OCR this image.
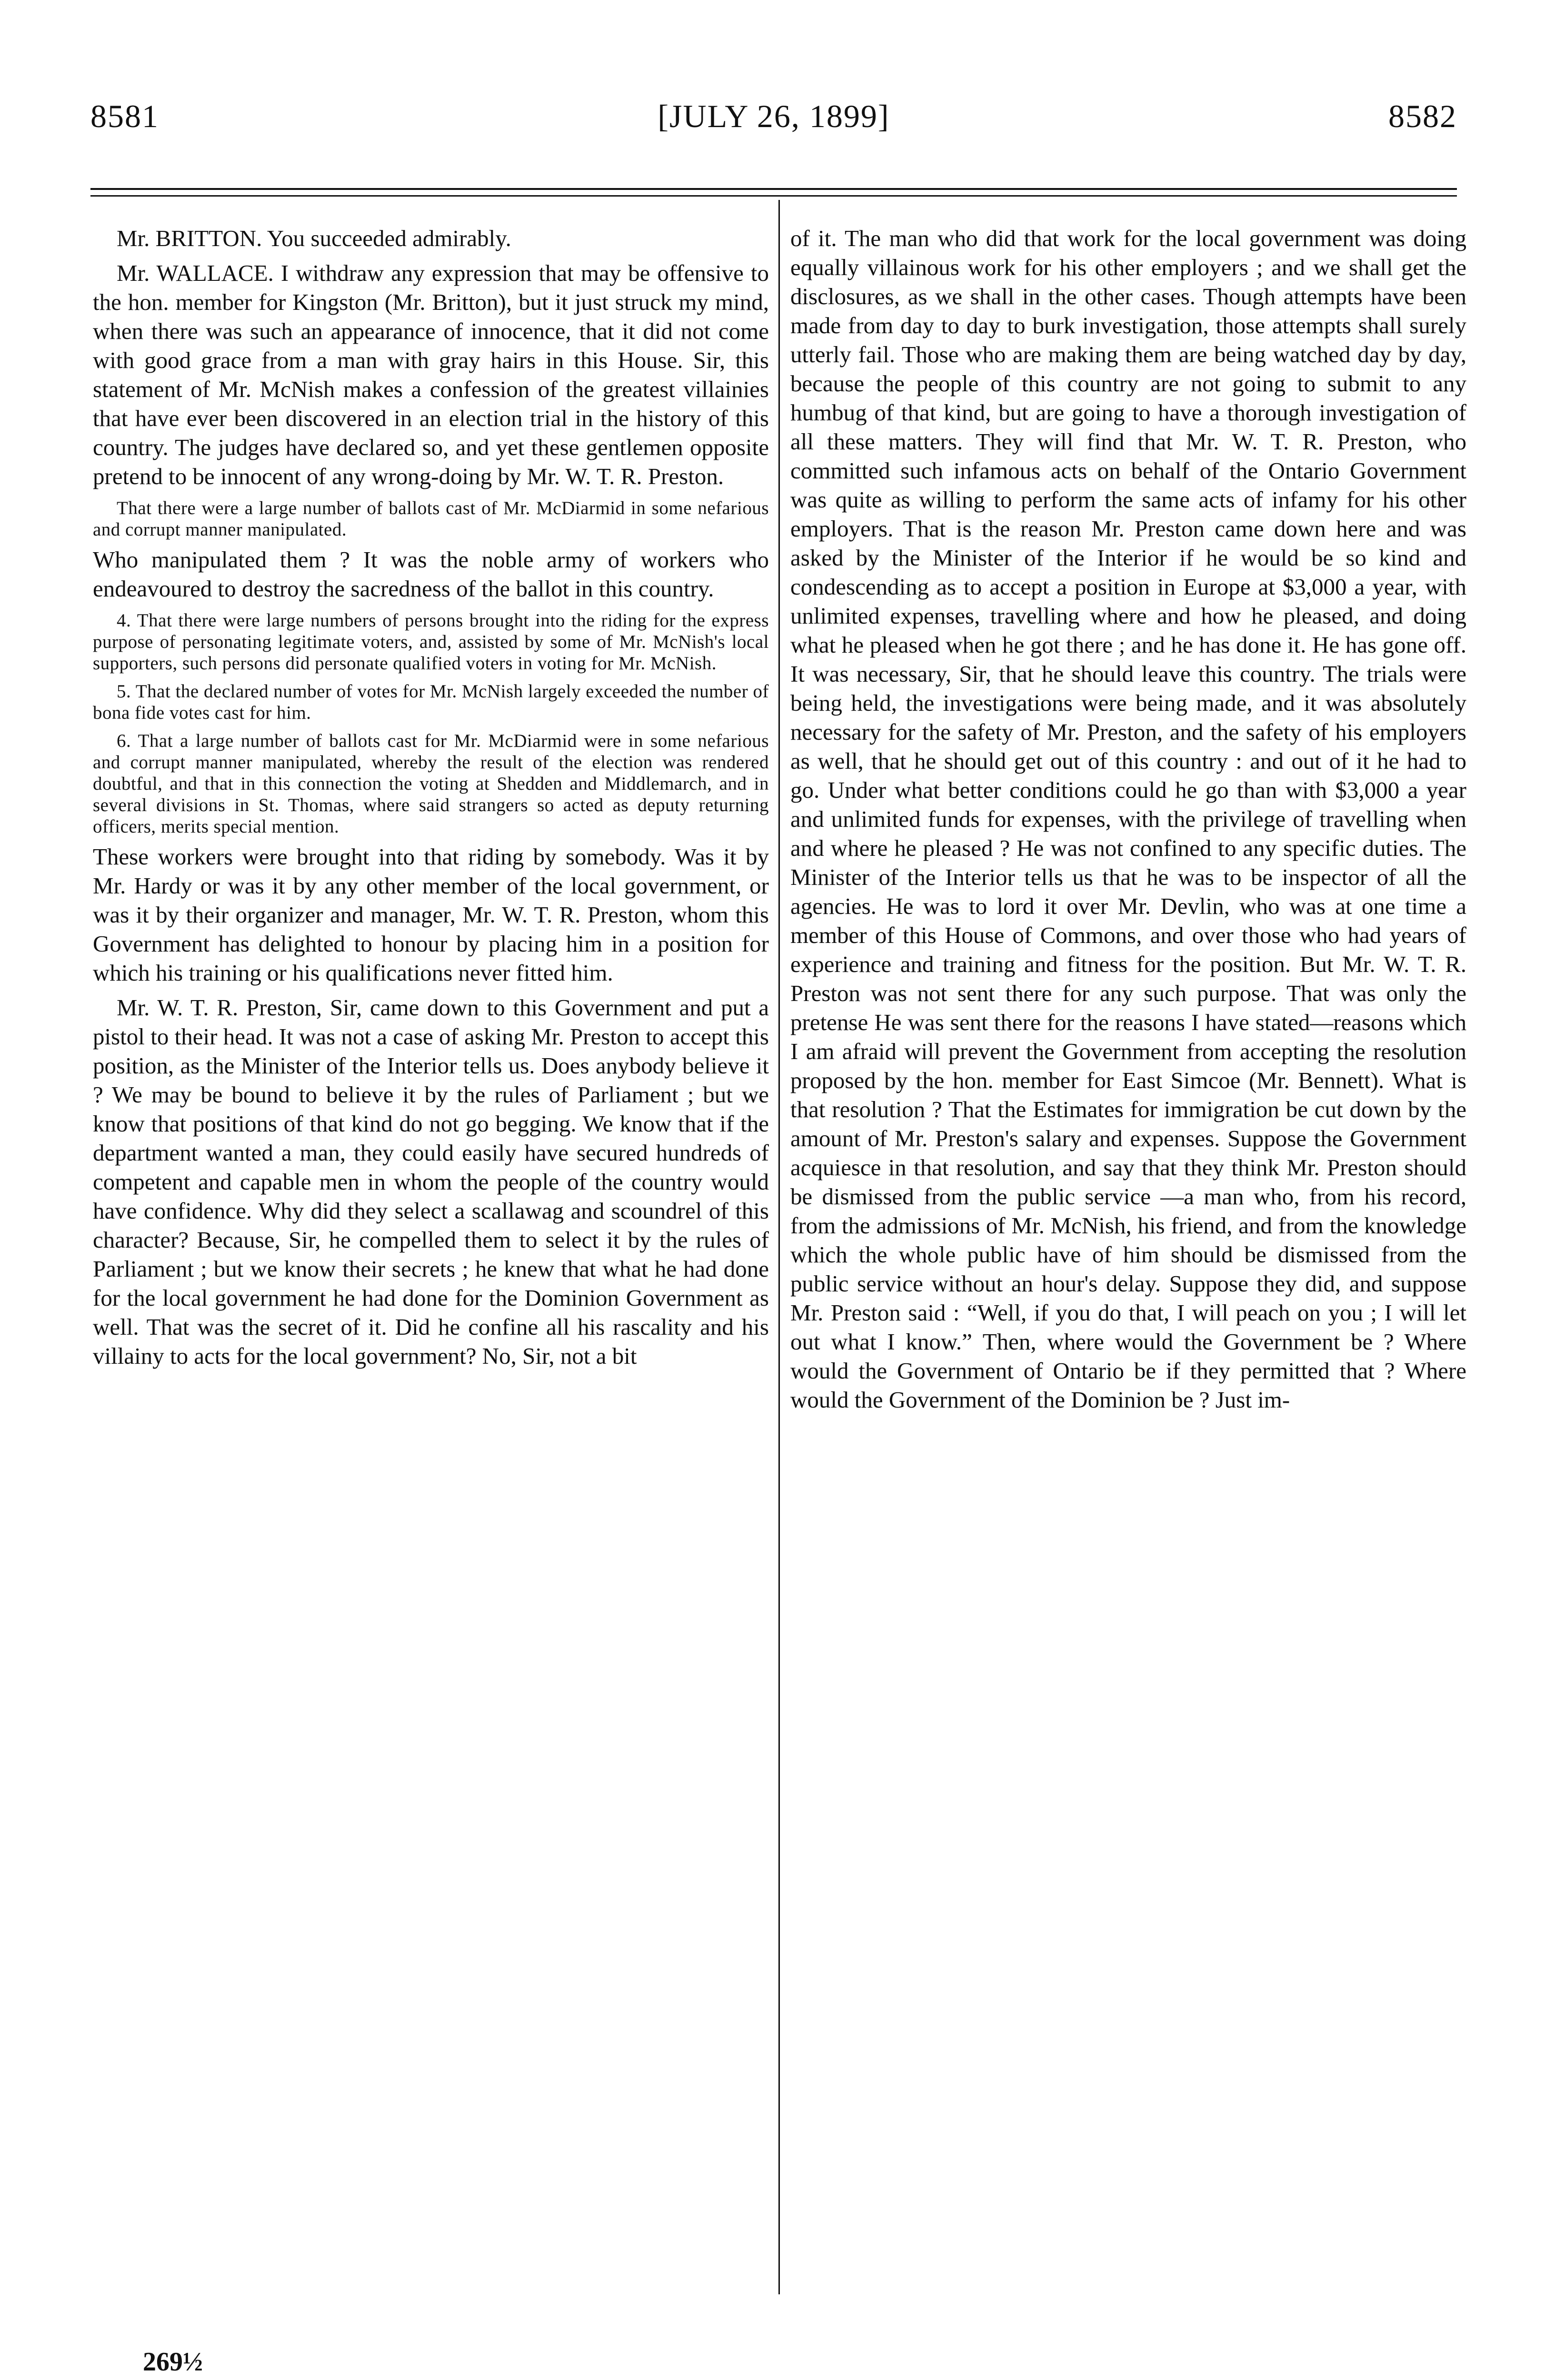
8581	[JULY 26, 1899]	8582

Mr. BRITTON. You succeeded admirably.

Mr. WALLACE. I withdraw any expression that may be offensive to the hon. member for Kingston (Mr. Britton), but it just struck my mind, when there was such an appearance of innocence, that it did not come with good grace from a man with gray hairs in this House. Sir, this statement of Mr. McNish makes a confession of the greatest villainies that have ever been discovered in an election trial in the history of this country. The judges have declared so, and yet these gentlemen opposite pretend to be innocent of any wrong-doing by Mr. W. T. R. Preston.

That there were a large number of ballots cast of Mr. McDiarmid in some nefarious and corrupt manner manipulated.

Who manipulated them ? It was the noble army of workers who endeavoured to destroy the sacredness of the ballot in this country.

4. That there were large numbers of persons brought into the riding for the express purpose of personating legitimate voters, and, assisted by some of Mr. McNish's local supporters, such persons did personate qualified voters in voting for Mr. McNish.

5. That the declared number of votes for Mr. McNish largely exceeded the number of bona fide votes cast for him.

6. That a large number of ballots cast for Mr. McDiarmid were in some nefarious and corrupt manner manipulated, whereby the result of the election was rendered doubtful, and that in this connection the voting at Shedden and Middlemarch, and in several divisions in St. Thomas, where said strangers so acted as deputy returning officers, merits special mention.

These workers were brought into that riding by somebody. Was it by Mr. Hardy or was it by any other member of the local government, or was it by their organizer and manager, Mr. W. T. R. Preston, whom this Government has delighted to honour by placing him in a position for which his training or his qualifications never fitted him.

Mr. W. T. R. Preston, Sir, came down to this Government and put a pistol to their head. It was not a case of asking Mr. Preston to accept this position, as the Minister of the Interior tells us. Does anybody believe it ? We may be bound to believe it by the rules of Parliament ; but we know that positions of that kind do not go begging. We know that if the department wanted a man, they could easily have secured hundreds of competent and capable men in whom the people of the country would have confidence. Why did they select a scallawag and scoundrel of this character? Because, Sir, he compelled them to select it by the rules of Parliament ; but we know their secrets ; he knew that what he had done for the local government he had done for the Dominion Government as well. That was the secret of it. Did he confine all his rascality and his villainy to acts for the local government? No, Sir, not a bit

of it. The man who did that work for the local government was doing equally villainous work for his other employers ; and we shall get the disclosures, as we shall in the other cases. Though attempts have been made from day to day to burk investigation, those attempts shall surely utterly fail. Those who are making them are being watched day by day, because the people of this country are not going to submit to any humbug of that kind, but are going to have a thorough investigation of all these matters. They will find that Mr. W. T. R. Preston, who committed such infamous acts on behalf of the Ontario Government was quite as willing to perform the same acts of infamy for his other employers. That is the reason Mr. Preston came down here and was asked by the Minister of the Interior if he would be so kind and condescending as to accept a position in Europe at $3,000 a year, with unlimited expenses, travelling where and how he pleased, and doing what he pleased when he got there ; and he has done it. He has gone off. It was necessary, Sir, that he should leave this country. The trials were being held, the investigations were being made, and it was absolutely necessary for the safety of Mr. Preston, and the safety of his employers as well, that he should get out of this country : and out of it he had to go. Under what better conditions could he go than with $3,000 a year and unlimited funds for expenses, with the privilege of travelling when and where he pleased ? He was not confined to any specific duties. The Minister of the Interior tells us that he was to be inspector of all the agencies. He was to lord it over Mr. Devlin, who was at one time a member of this House of Commons, and over those who had years of experience and training and fitness for the position. But Mr. W. T. R. Preston was not sent there for any such purpose. That was only the pretense He was sent there for the reasons I have stated—reasons which I am afraid will prevent the Government from accepting the resolution proposed by the hon. member for East Simcoe (Mr. Bennett). What is that resolution ? That the Estimates for immigration be cut down by the amount of Mr. Preston's salary and expenses. Suppose the Government acquiesce in that resolution, and say that they think Mr. Preston should be dismissed from the public service —a man who, from his record, from the admissions of Mr. McNish, his friend, and from the knowledge which the whole public have of him should be dismissed from the public service without an hour's delay. Suppose they did, and suppose Mr. Preston said : “Well, if you do that, I will peach on you ; I will let out what I know.” Then, where would the Government be ? Where would the Government of Ontario be if they permitted that ? Where would the Government of the Dominion be ? Just im-

269½
